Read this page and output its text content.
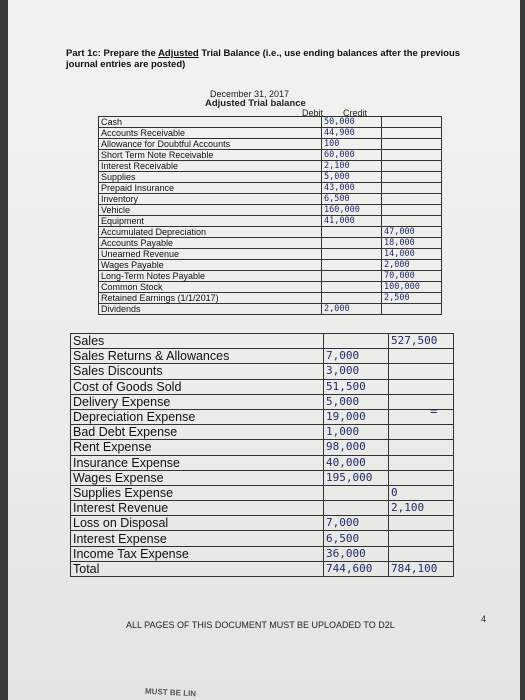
Part 1c: Prepare the Adjusted Trial Balance (i.e., use ending balances after the previous journal entries are posted)
December 31, 2017
Adjusted Trial balance
Debit Credit
Cash	50,000	
Accounts Receivable	44,900	
Allowance for Doubtful Accounts	100	
Short Term Note Receivable	60,000	
Interest Receivable	2,100	
Supplies	5,000	
Prepaid Insurance	43,000	
Inventory	6,500	
Vehicle	160,000	
Equipment	41,000	
Accumulated Depreciation		47,000
Accounts Payable		18,000
Unearned Revenue		14,000
Wages Payable		2,000
Long-Term Notes Payable		70,000
Common Stock		100,000
Retained Earnings (1/1/2017)		2,500
Dividends	2,000	
Sales		527,500
Sales Returns & Allowances	7,000	
Sales Discounts	3,000	
Cost of Goods Sold	51,500	
Delivery Expense	5,000	
Depreciation Expense	19,000	
Bad Debt Expense	1,000	
Rent Expense	98,000	
Insurance Expense	40,000	
Wages Expense	195,000	
Supplies Expense		0
Interest Revenue		2,100
Loss on Disposal	7,000	
Interest Expense	6,500	
Income Tax Expense	36,000	
Total	744,600	784,100
=
ALL PAGES OF THIS DOCUMENT MUST BE UPLOADED TO D2L
4
MUST BE LIN
